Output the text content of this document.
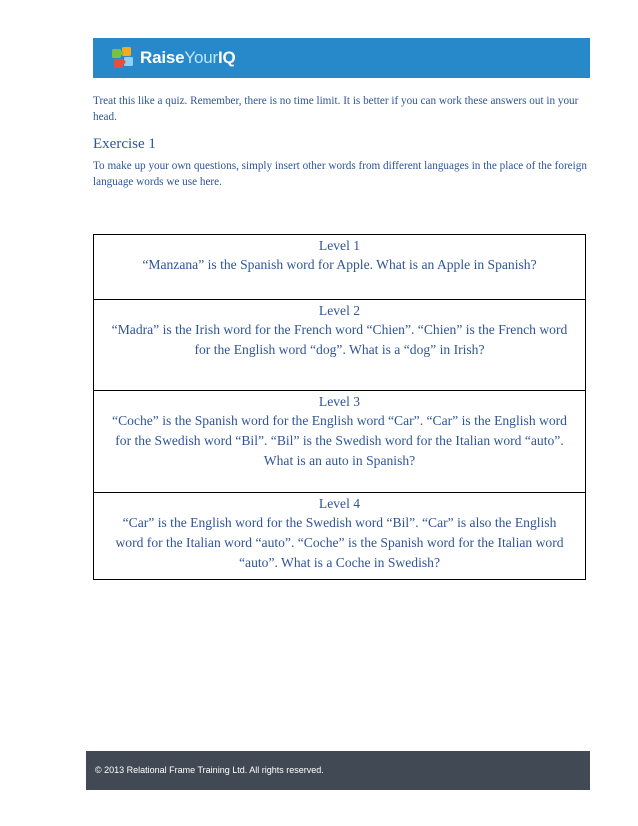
RaiseYourIQ

Treat this like a quiz. Remember, there is no time limit. It is better if you can work these answers out in your head.

Exercise 1

To make up your own questions, simply insert other words from different languages in the place of the foreign language words we use here.

Level 1

“Manzana” is the Spanish word for Apple. What is an Apple in Spanish?

Level 2

“Madra” is the Irish word for the French word “Chien”. “Chien” is the French word for the English word “dog”. What is a “dog” in Irish?

Level 3

“Coche” is the Spanish word for the English word “Car”. “Car” is the English word for the Swedish word “Bil”. “Bil” is the Swedish word for the Italian word “auto”. What is an auto in Spanish?

Level 4

“Car” is the English word for the Swedish word “Bil”. “Car” is also the English word for the Italian word “auto”. “Coche” is the Spanish word for the Italian word “auto”. What is a Coche in Swedish?

© 2013 Relational Frame Training Ltd. All rights reserved.
